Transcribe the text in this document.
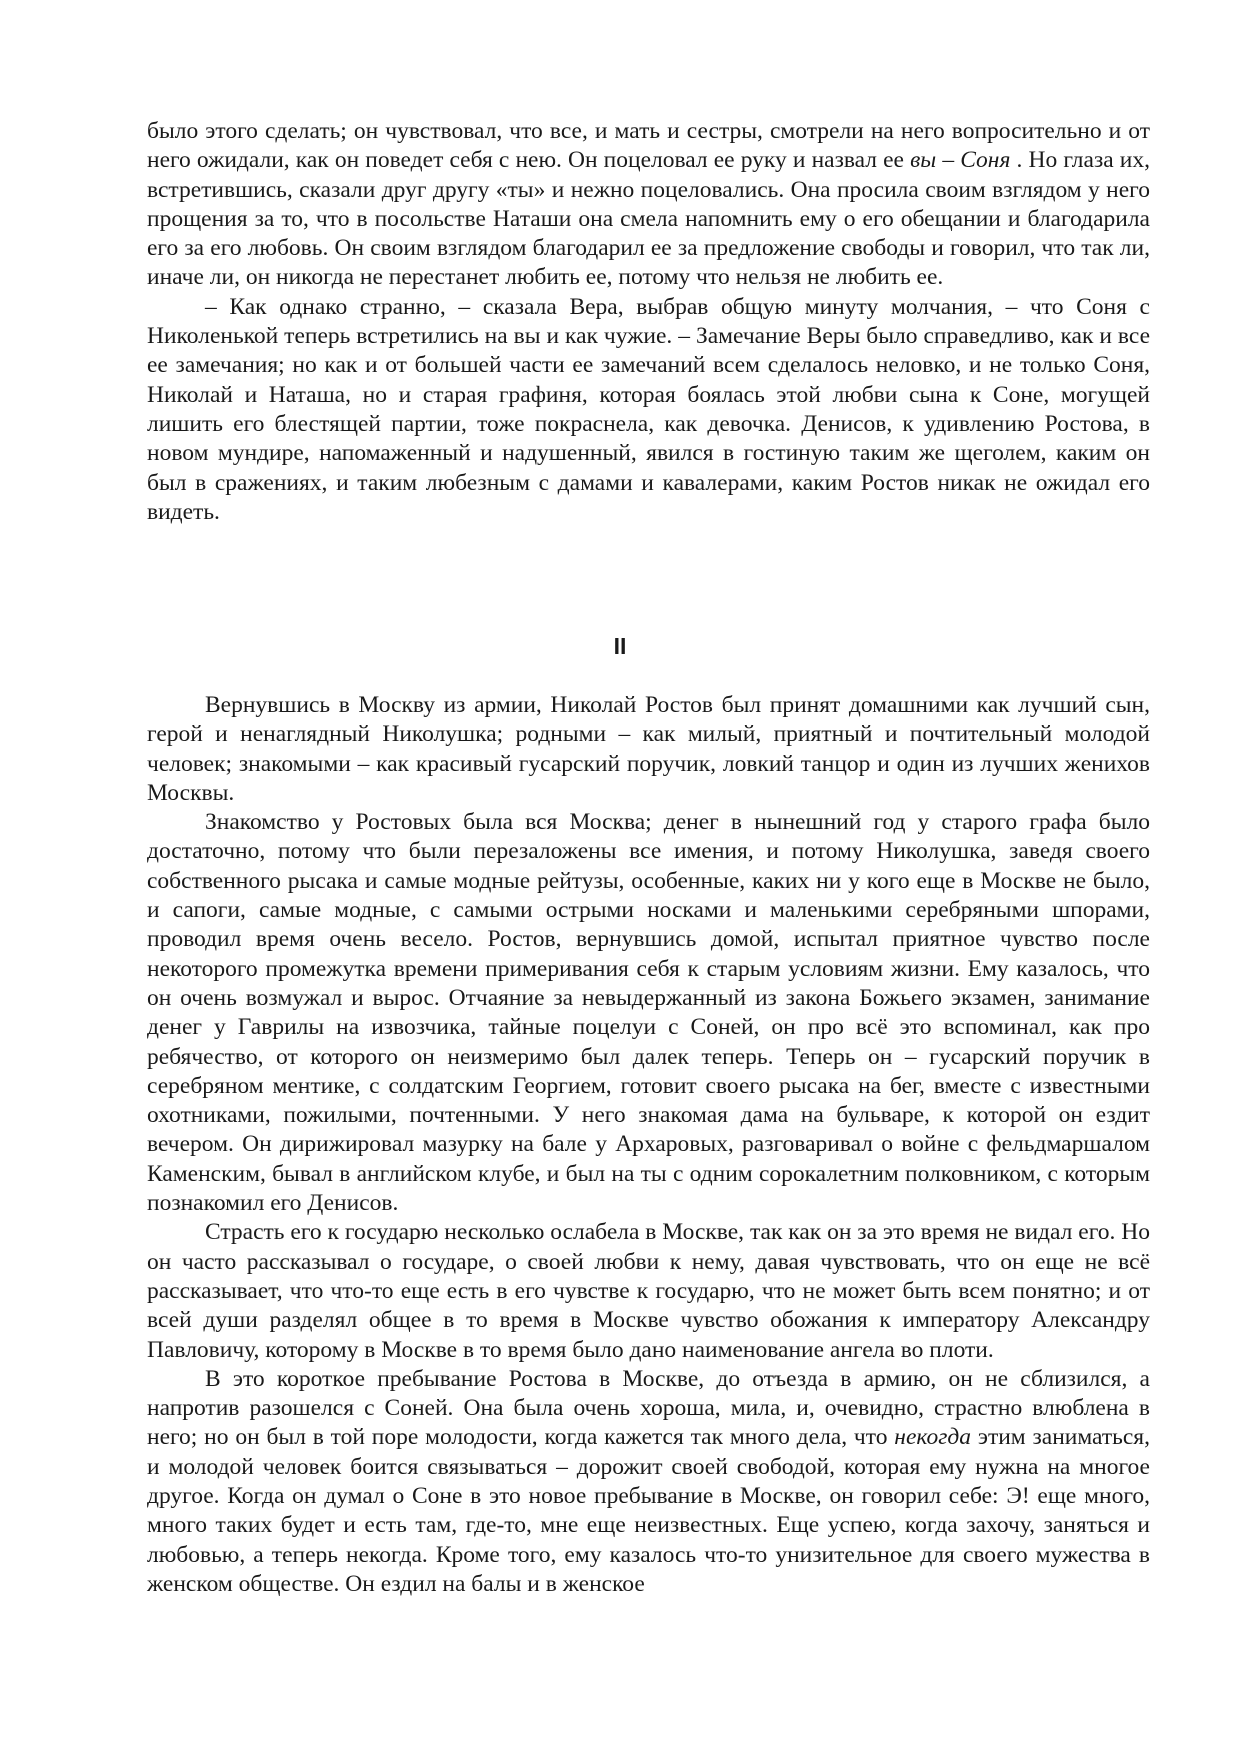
было этого сделать; он чувствовал, что все, и мать и сестры, смотрели на него вопросительно и от него ожидали, как он поведет себя с нею. Он поцеловал ее руку и назвал ее вы – Соня . Но глаза их, встретившись, сказали друг другу «ты» и нежно поцеловались. Она просила своим взглядом у него прощения за то, что в посольстве Наташи она смела напомнить ему о его обещании и благодарила его за его любовь. Он своим взглядом благодарил ее за предложение свободы и говорил, что так ли, иначе ли, он никогда не перестанет любить ее, потому что нельзя не любить ее.

– Как однако странно, – сказала Вера, выбрав общую минуту молчания, – что Соня с Николенькой теперь встретились на вы и как чужие. – Замечание Веры было справедливо, как и все ее замечания; но как и от большей части ее замечаний всем сделалось неловко, и не только Соня, Николай и Наташа, но и старая графиня, которая боялась этой любви сына к Соне, могущей лишить его блестящей партии, тоже покраснела, как девочка. Денисов, к удивлению Ростова, в новом мундире, напомаженный и надушенный, явился в гостиную таким же щеголем, каким он был в сражениях, и таким любезным с дамами и кавалерами, каким Ростов никак не ожидал его видеть.

II

Вернувшись в Москву из армии, Николай Ростов был принят домашними как лучший сын, герой и ненаглядный Николушка; родными – как милый, приятный и почтительный молодой человек; знакомыми – как красивый гусарский поручик, ловкий танцор и один из лучших женихов Москвы.

Знакомство у Ростовых была вся Москва; денег в нынешний год у старого графа было достаточно, потому что были перезаложены все имения, и потому Николушка, заведя своего собственного рысака и самые модные рейтузы, особенные, каких ни у кого еще в Москве не было, и сапоги, самые модные, с самыми острыми носками и маленькими серебряными шпорами, проводил время очень весело. Ростов, вернувшись домой, испытал приятное чувство после некоторого промежутка времени примеривания себя к старым условиям жизни. Ему казалось, что он очень возмужал и вырос. Отчаяние за невыдержанный из закона Божьего экзамен, занимание денег у Гаврилы на извозчика, тайные поцелуи с Соней, он про всё это вспоминал, как про ребячество, от которого он неизмеримо был далек теперь. Теперь он – гусарский поручик в серебряном ментике, с солдатским Георгием, готовит своего рысака на бег, вместе с известными охотниками, пожилыми, почтенными. У него знакомая дама на бульваре, к которой он ездит вечером. Он дирижировал мазурку на бале у Архаровых, разговаривал о войне с фельдмаршалом Каменским, бывал в английском клубе, и был на ты с одним сорокалетним полковником, с которым познакомил его Денисов.

Страсть его к государю несколько ослабела в Москве, так как он за это время не видал его. Но он часто рассказывал о государе, о своей любви к нему, давая чувствовать, что он еще не всё рассказывает, что что-то еще есть в его чувстве к государю, что не может быть всем понятно; и от всей души разделял общее в то время в Москве чувство обожания к императору Александру Павловичу, которому в Москве в то время было дано наименование ангела во плоти.

В это короткое пребывание Ростова в Москве, до отъезда в армию, он не сблизился, а напротив разошелся с Соней. Она была очень хороша, мила, и, очевидно, страстно влюблена в него; но он был в той поре молодости, когда кажется так много дела, что некогда этим заниматься, и молодой человек боится связываться – дорожит своей свободой, которая ему нужна на многое другое. Когда он думал о Соне в это новое пребывание в Москве, он говорил себе: Э! еще много, много таких будет и есть там, где-то, мне еще неизвестных. Еще успею, когда захочу, заняться и любовью, а теперь некогда. Кроме того, ему казалось что-то унизительное для своего мужества в женском обществе. Он ездил на балы и в женское
